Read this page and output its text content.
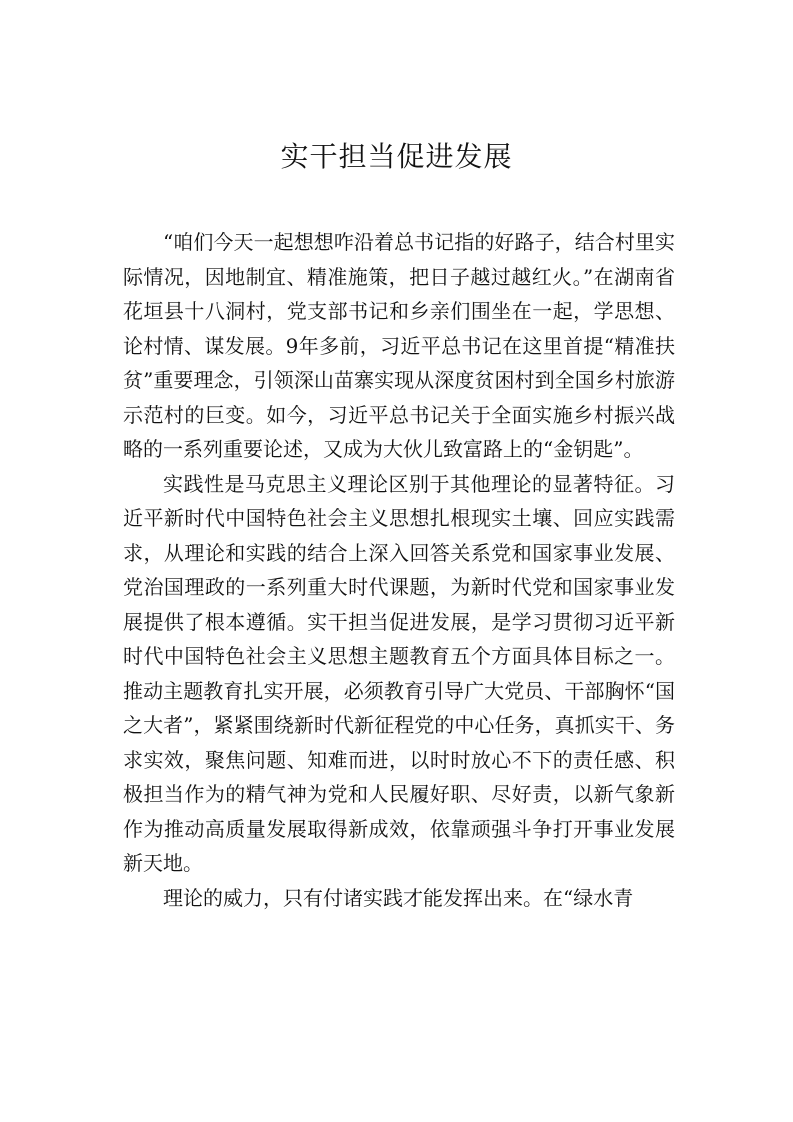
实干担当促进发展

“咱们今天一起想想咋沿着总书记指的好路子，结合村里实际情况，因地制宜、精准施策，把日子越过越红火。”在湖南省花垣县十八洞村，党支部书记和乡亲们围坐在一起，学思想、论村情、谋发展。9年多前，习近平总书记在这里首提“精准扶贫”重要理念，引领深山苗寨实现从深度贫困村到全国乡村旅游示范村的巨变。如今，习近平总书记关于全面实施乡村振兴战略的一系列重要论述，又成为大伙儿致富路上的“金钥匙”。

实践性是马克思主义理论区别于其他理论的显著特征。习近平新时代中国特色社会主义思想扎根现实土壤、回应实践需求，从理论和实践的结合上深入回答关系党和国家事业发展、党治国理政的一系列重大时代课题，为新时代党和国家事业发展提供了根本遵循。实干担当促进发展，是学习贯彻习近平新时代中国特色社会主义思想主题教育五个方面具体目标之一。推动主题教育扎实开展，必须教育引导广大党员、干部胸怀“国之大者”，紧紧围绕新时代新征程党的中心任务，真抓实干、务求实效，聚焦问题、知难而进，以时时放心不下的责任感、积极担当作为的精气神为党和人民履好职、尽好责，以新气象新作为推动高质量发展取得新成效，依靠顽强斗争打开事业发展新天地。

理论的威力，只有付诸实践才能发挥出来。在“绿水青
